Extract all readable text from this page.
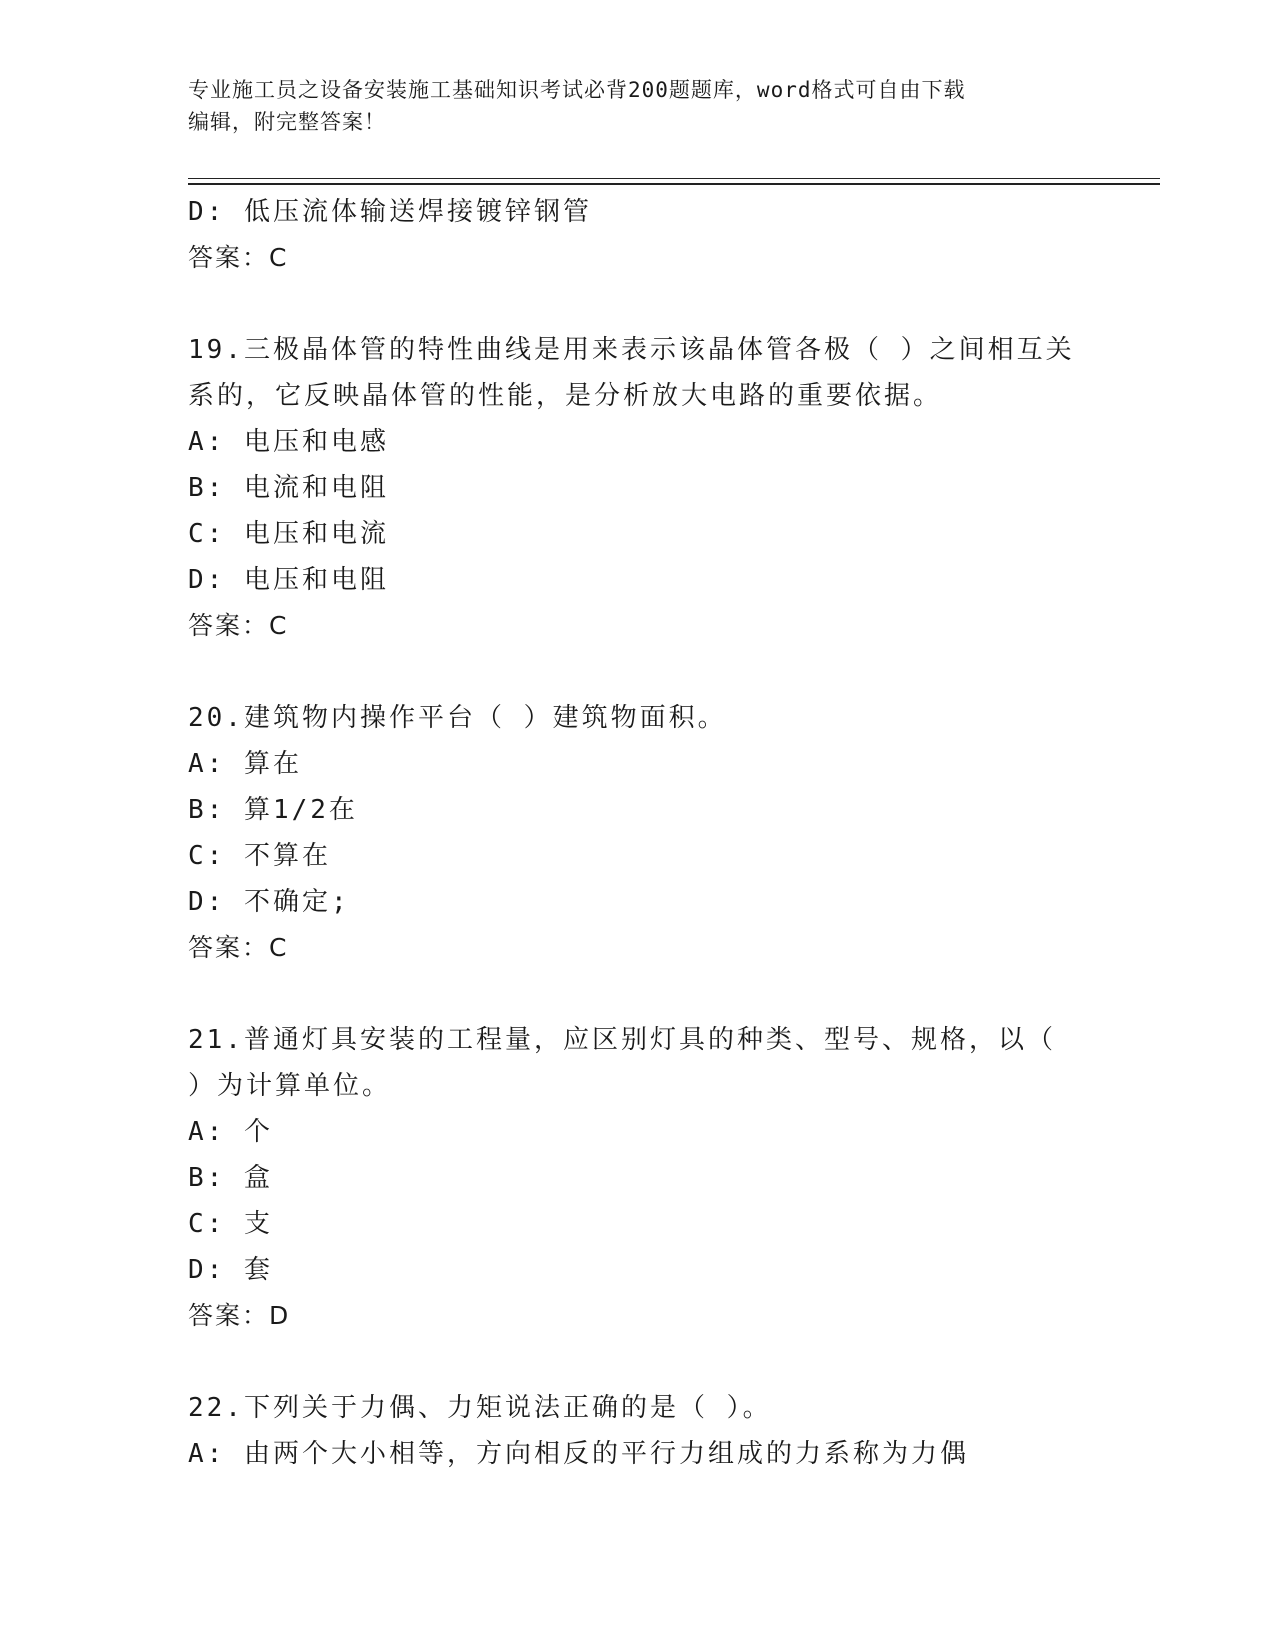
专业施工员之设备安装施工基础知识考试必背200题题库，word格式可自由下载
编辑，附完整答案！
D: 低压流体输送焊接镀锌钢管
答案：C
19.三极晶体管的特性曲线是用来表示该晶体管各极（ ）之间相互关
系的，它反映晶体管的性能，是分析放大电路的重要依据。
A: 电压和电感
B: 电流和电阻
C: 电压和电流
D: 电压和电阻
答案：C
20.建筑物内操作平台（ ）建筑物面积。
A: 算在
B: 算1/2在
C: 不算在
D: 不确定;
答案：C
21.普通灯具安装的工程量，应区别灯具的种类、型号、规格，以（
）为计算单位。
A: 个
B: 盒
C: 支
D: 套
答案：D
22.下列关于力偶、力矩说法正确的是（ ）。
A: 由两个大小相等，方向相反的平行力组成的力系称为力偶
